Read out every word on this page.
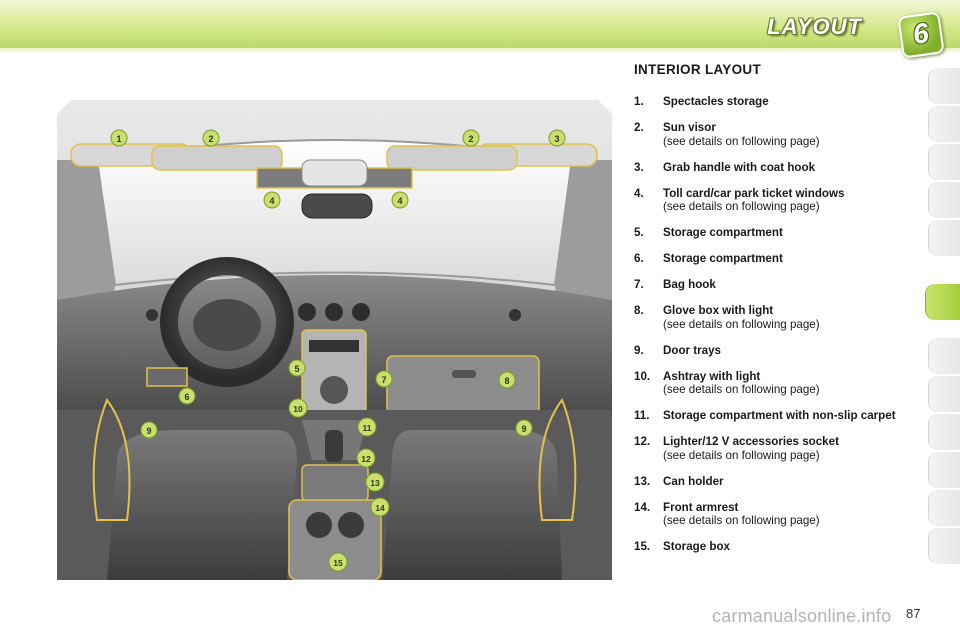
LAYOUT	6
1	2	2	3
4	4
5
6
7	8
9	9
10
11
12
13
14
15
INTERIOR LAYOUT
1.	Spectacles storage
2.	Sun visor
(see details on following page)
3.	Grab handle with coat hook
4.	Toll card/car park ticket windows
(see details on following page)
5.	Storage compartment
6.	Storage compartment
7.	Bag hook
8.	Glove box with light
(see details on following page)
9.	Door trays
10.	Ashtray with light
(see details on following page)
11.	Storage compartment with non-slip carpet
12.	Lighter/12 V accessories socket
(see details on following page)
13.	Can holder
14.	Front armrest
(see details on following page)
15.	Storage box
carmanualsonline.info 87
